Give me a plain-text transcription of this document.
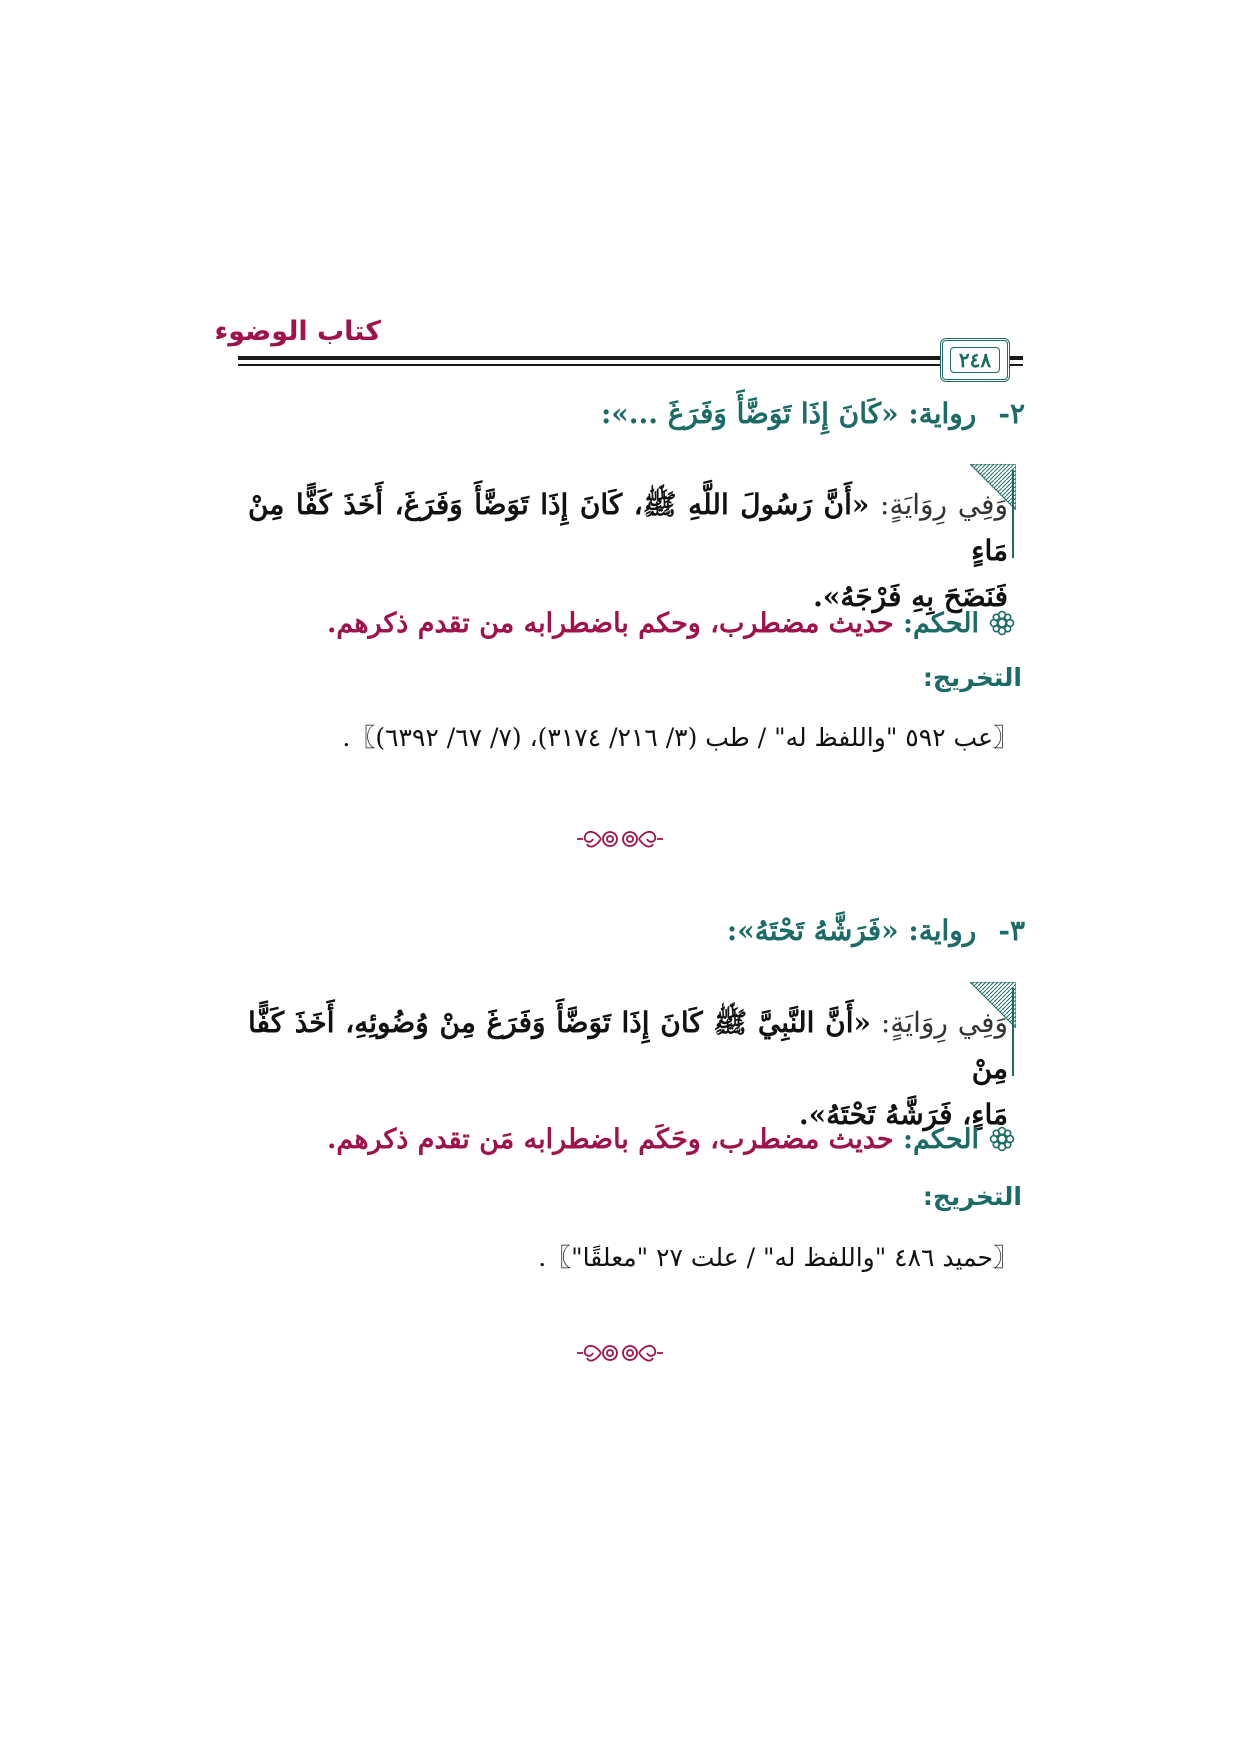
كتاب الوضوء
٢٤٨
٢-رواية: «كَانَ إِذَا تَوَضَّأَ وَفَرَغَ ...»:
وَفِي رِوَايَةٍ: «أَنَّ رَسُولَ اللَّهِ ﷺ، كَانَ إِذَا تَوَضَّأَ وَفَرَغَ، أَخَذَ كَفًّا مِنْ مَاءٍ
فَنَضَحَ بِهِ فَرْجَهُ».
الحكم: حديث مضطرب، وحكم باضطرابه من تقدم ذكرهم.
التخريج:
〖عب ٥٩٢ "واللفظ له" / طب (٣/ ٢١٦/ ٣١٧٤)، (٧/ ٦٧/ ٦٣٩٢)〗.
٣-رواية: «فَرَشَّهُ تَحْتَهُ»:
وَفِي رِوَايَةٍ: «أَنَّ النَّبِيَّ ﷺ كَانَ إِذَا تَوَضَّأَ وَفَرَغَ مِنْ وُضُوئِهِ، أَخَذَ كَفًّا مِنْ
مَاءٍ، فَرَشَّهُ تَحْتَهُ».
الحكم: حديث مضطرب، وحَكَم باضطرابه مَن تقدم ذكرهم.
التخريج:
〖حميد ٤٨٦ "واللفظ له" / علت ٢٧ "معلقًا"〗.
